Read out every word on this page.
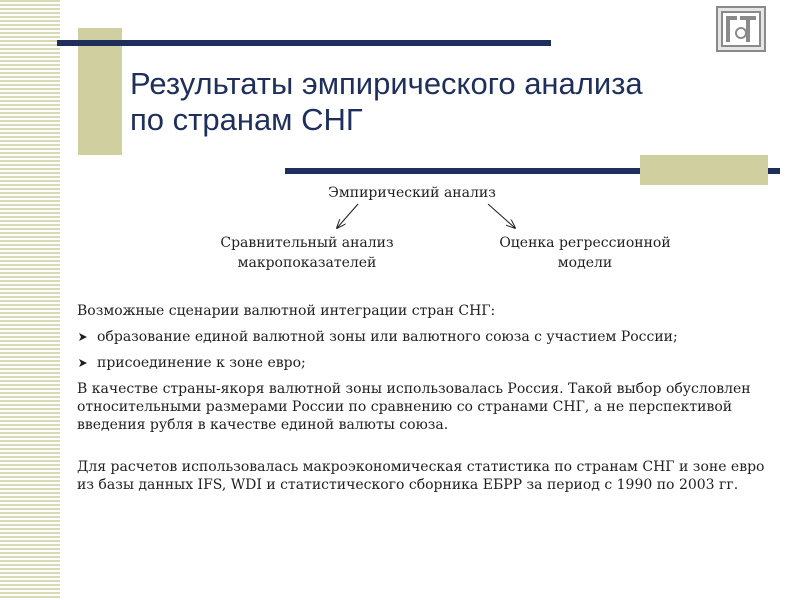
Результаты эмпирического анализа
по странам СНГ
Эмпирический анализ
Сравнительный анализ
макропоказателей
Оценка регрессионной
модели

Возможные сценарии валютной интеграции стран СНГ:

образование единой валютной зоны или валютного союза с участием России;

присоединение к зоне евро;

В качестве страны-якоря валютной зоны использовалась Россия. Такой выбор обусловлен относительными размерами России по сравнению со странами СНГ, а не перспективой введения рубля в качестве единой валюты союза.

Для расчетов использовалась макроэкономическая статистика по странам СНГ и зоне евро из базы данных IFS, WDI и статистического сборника ЕБРР за период с 1990 по 2003 гг.
